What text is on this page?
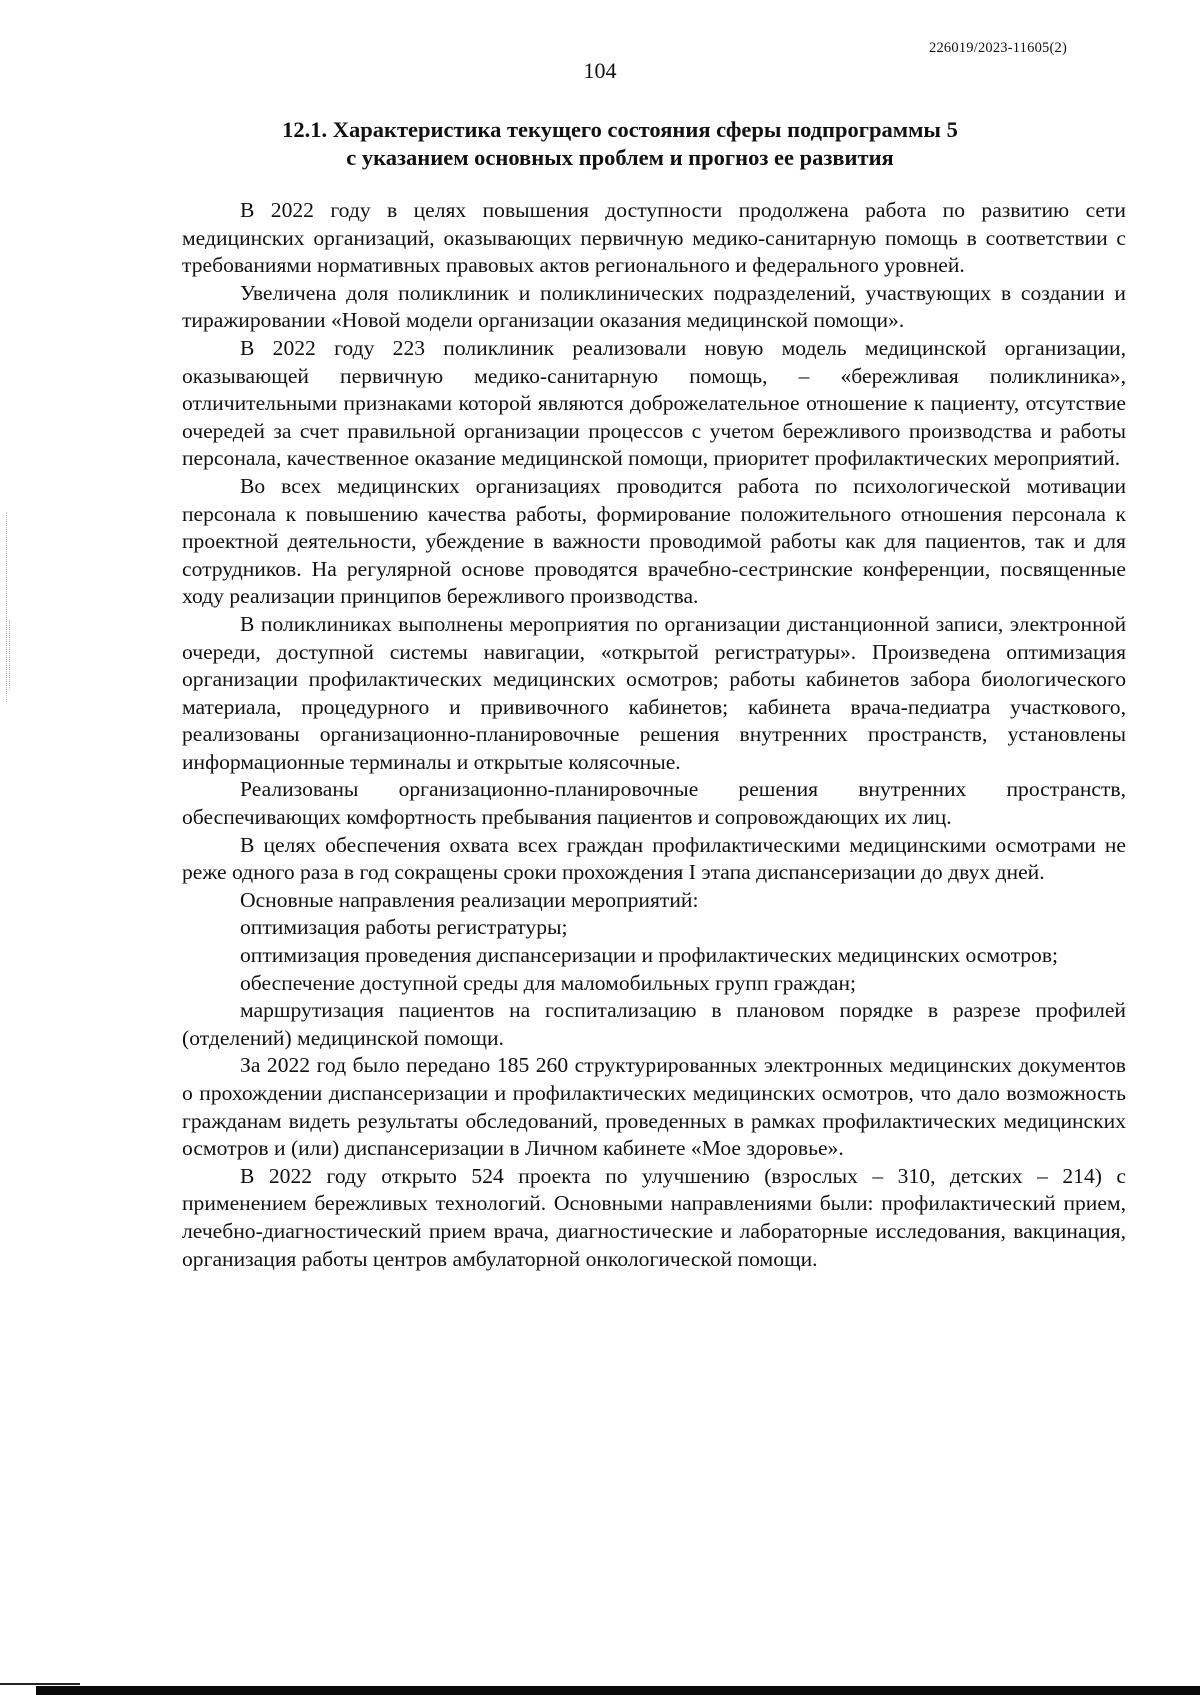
226019/2023-11605(2)
104
12.1. Характеристика текущего состояния сферы подпрограммы 5
с указанием основных проблем и прогноз ее развития

В 2022 году в целях повышения доступности продолжена работа по развитию сети медицинских организаций, оказывающих первичную медико-санитарную помощь в соответствии с требованиями нормативных правовых актов регионального и федерального уровней.

Увеличена доля поликлиник и поликлинических подразделений, участвующих в создании и тиражировании «Новой модели организации оказания медицинской помощи».

В 2022 году 223 поликлиник реализовали новую модель медицинской организации, оказывающей первичную медико-санитарную помощь, – «бережливая поликлиника», отличительными признаками которой являются доброжелательное отношение к пациенту, отсутствие очередей за счет правильной организации процессов с учетом бережливого производства и работы персонала, качественное оказание медицинской помощи, приоритет профилактических мероприятий.

Во всех медицинских организациях проводится работа по психологической мотивации персонала к повышению качества работы, формирование положительного отношения персонала к проектной деятельности, убеждение в важности проводимой работы как для пациентов, так и для сотрудников. На регулярной основе проводятся врачебно-сестринские конференции, посвященные ходу реализации принципов бережливого производства.

В поликлиниках выполнены мероприятия по организации дистанционной записи, электронной очереди, доступной системы навигации, «открытой регистратуры». Произведена оптимизация организации профилактических медицинских осмотров; работы кабинетов забора биологического материала, процедурного и прививочного кабинетов; кабинета врача-педиатра участкового, реализованы организационно-планировочные решения внутренних пространств, установлены информационные терминалы и открытые колясочные.

Реализованы организационно-планировочные решения внутренних пространств, обеспечивающих комфортность пребывания пациентов и сопровождающих их лиц.

В целях обеспечения охвата всех граждан профилактическими медицинскими осмотрами не реже одного раза в год сокращены сроки прохождения I этапа диспансеризации до двух дней.

Основные направления реализации мероприятий:

оптимизация работы регистратуры;

оптимизация проведения диспансеризации и профилактических медицинских осмотров;

обеспечение доступной среды для маломобильных групп граждан;

маршрутизация пациентов на госпитализацию в плановом порядке в разрезе профилей (отделений) медицинской помощи.

За 2022 год было передано 185 260 структурированных электронных медицинских документов о прохождении диспансеризации и профилактических медицинских осмотров, что дало возможность гражданам видеть результаты обследований, проведенных в рамках профилактических медицинских осмотров и (или) диспансеризации в Личном кабинете «Мое здоровье».

В 2022 году открыто 524 проекта по улучшению (взрослых – 310, детских – 214) с применением бережливых технологий. Основными направлениями были: профилактический прием, лечебно-диагностический прием врача, диагностические и лабораторные исследования, вакцинация, организация работы центров амбулаторной онкологической помощи.
